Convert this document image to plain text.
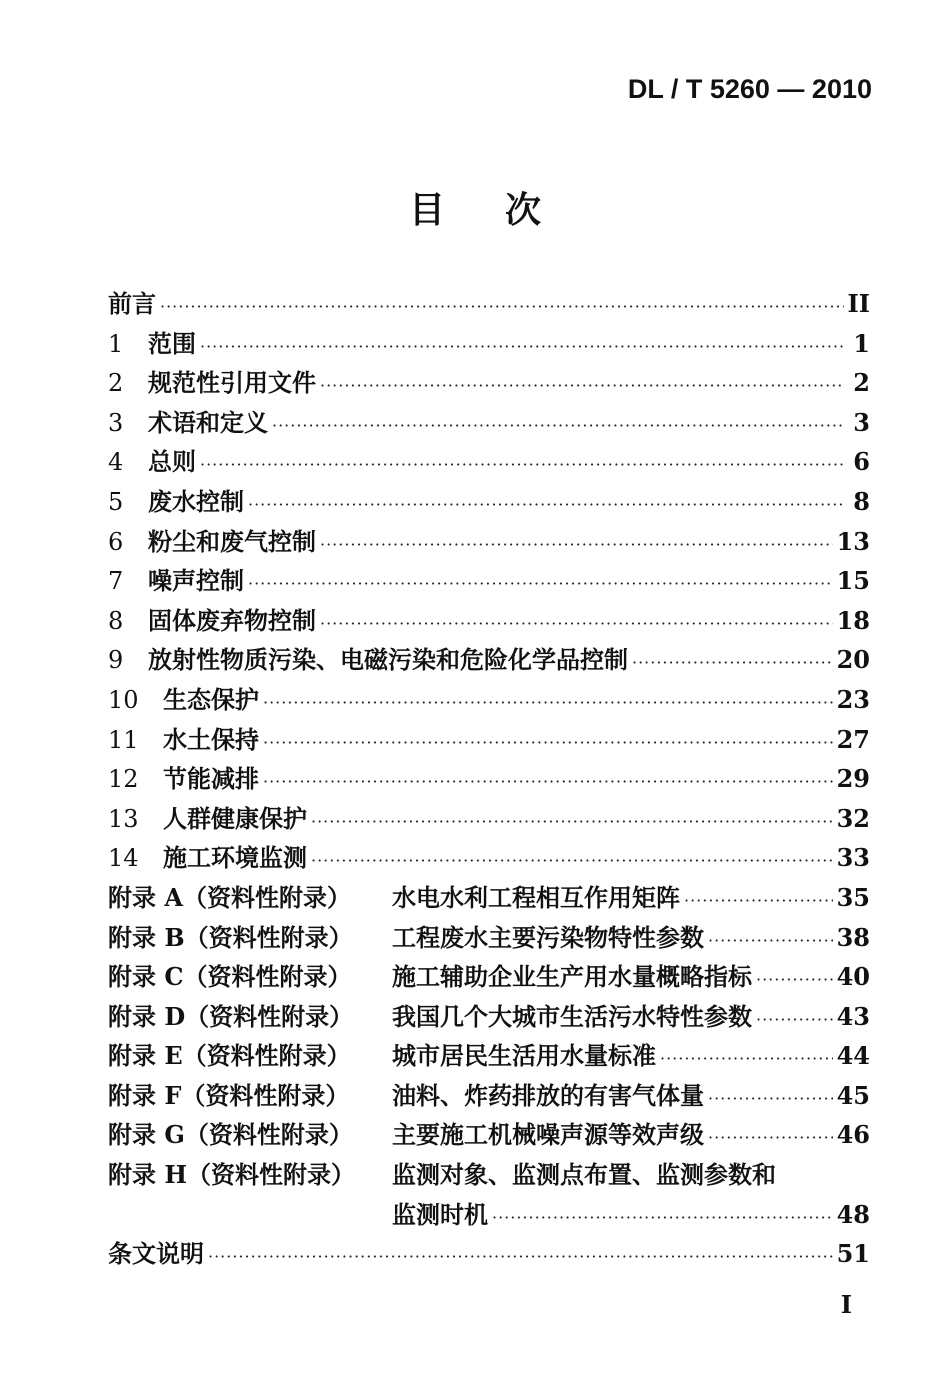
DL / T 5260 — 2010
目次
前言 ·····	II
1	范围 ·····	1
2	规范性引用文件 ·····	2
3	术语和定义 ·····	3
4	总则 ·····	6
5	废水控制 ·····	8
6	粉尘和废气控制 ·····	13
7	噪声控制 ·····	15
8	固体废弃物控制 ·····	18
9	放射性物质污染、电磁污染和危险化学品控制 ·····	20
10	生态保护 ·····	23
11	水土保持 ·····	27
12	节能减排 ·····	29
13	人群健康保护 ·····	32
14	施工环境监测 ·····	33
附录 A（资料性附录）	水电水利工程相互作用矩阵 ·····	35
附录 B（资料性附录）	工程废水主要污染物特性参数 ·····	38
附录 C（资料性附录）	施工辅助企业生产用水量概略指标 ·····	40
附录 D（资料性附录）	我国几个大城市生活污水特性参数 ·····	43
附录 E（资料性附录）	城市居民生活用水量标准 ·····	44
附录 F（资料性附录）	油料、炸药排放的有害气体量 ·····	45
附录 G（资料性附录）	主要施工机械噪声源等效声级 ·····	46
附录 H（资料性附录）	监测对象、监测点布置、监测参数和
监测时机 ·····	48
条文说明 ·····	51
I
